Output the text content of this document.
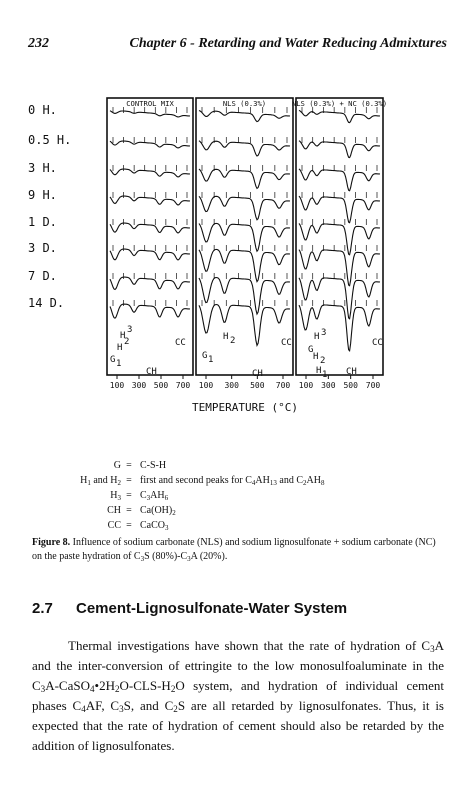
232	Chapter 6 - Retarding and Water Reducing Admixtures
CONTROL MIX	NLS (0.3%)	NLS (0.3%) + NC (0.3%)
0 H.
0.5 H.
3 H.
9 H.
1 D.
3 D.
7 D.
14 D.
H
3
H
2
G 1
CH
CC
G 1
H 2
CH
CC
G
H 3
H 2
H 1 CH
CC
100 300 500 700 100 300 500 700 100 300 500 700
TEMPERATURE (°C)
G = C-S-H
$H_1$ and $H_2$ = first and second peaks for $C_4AH_{13}$ and $C_2AH_8$
$H_3 = C_3AH_6$
CH = $Ca(OH)_2$
CC = CaCO$_3$
Figure 8. Influence of sodium carbonate (NLS) and sodium lignosulfonate + sodium carbonate (NC) on the paste hydration of $C_3S$ $(80\%)-C_3A$ (20%).
2.7 Cement-Lignosulfonate-Water System
Thermal investigations have shown that the rate of hydration of $C_3A$ and the inter-conversion of ettringite to the low monosulfoaluminate in the $C_3A-CaSO_4•2H_2O-CLS-H_2O$ system, and hydration of individual cement phases $C_4AF$, $C_3S$, and $C_2S$ are all retarded by lignosulfonates. Thus, it is expected that the rate of hydration of cement should also be retarded by the addition of lignosulfonates.
